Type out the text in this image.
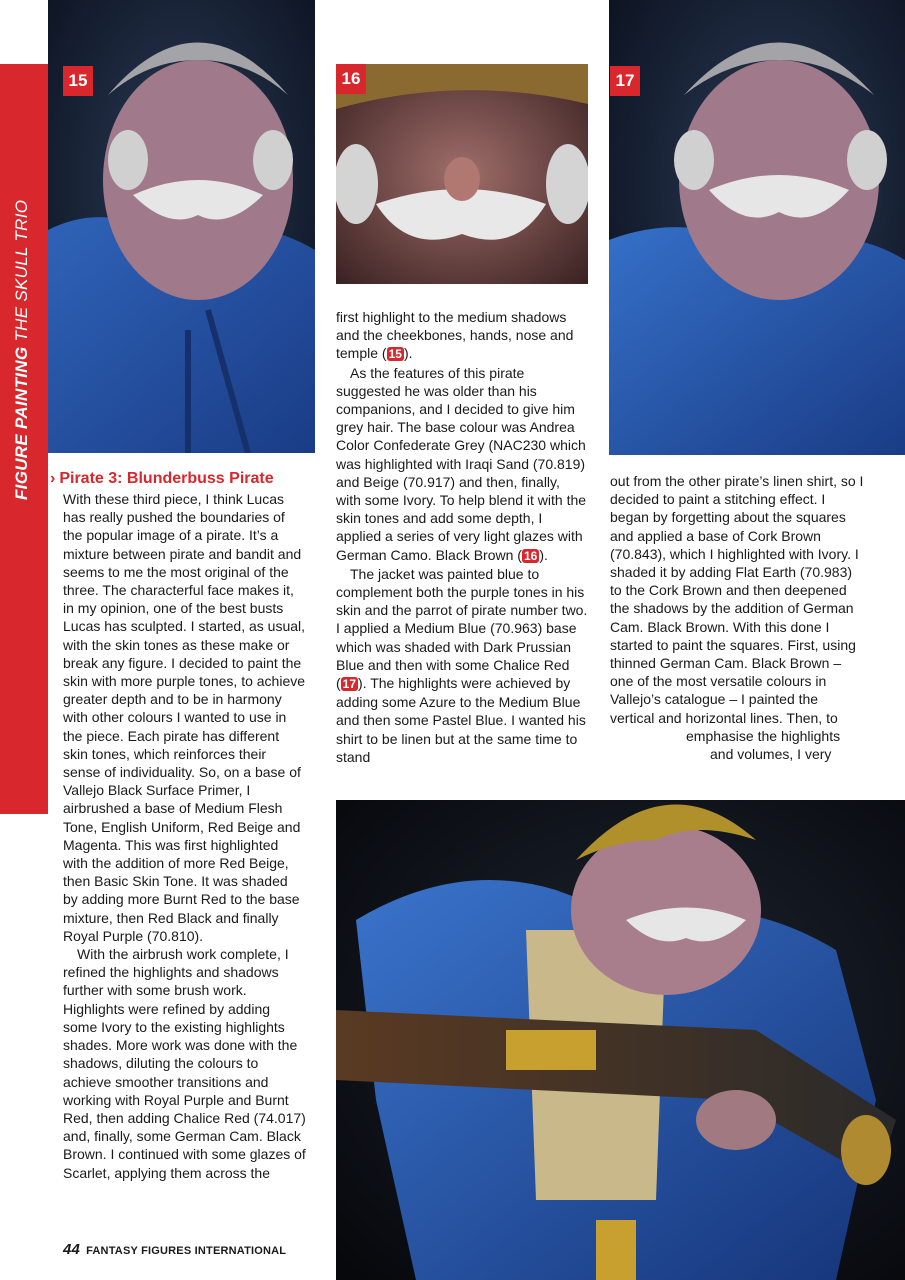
FIGURE PAINTING THE SKULL TRIO
15	16	17
› Pirate 3: Blunderbuss Pirate

With these third piece, I think Lucas has really pushed the boundaries of the popular image of a pirate. It’s a mixture between pirate and bandit and seems to me the most original of the three. The characterful face makes it, in my opinion, one of the best busts Lucas has sculpted. I started, as usual, with the skin tones as these make or break any figure. I decided to paint the skin with more purple tones, to achieve greater depth and to be in harmony with other colours I wanted to use in the piece. Each pirate has different skin tones, which reinforces their sense of individuality. So, on a base of Vallejo Black Surface Primer, I airbrushed a base of Medium Flesh Tone, English Uniform, Red Beige and Magenta. This was first highlighted with the addition of more Red Beige, then Basic Skin Tone. It was shaded by adding more Burnt Red to the base mixture, then Red Black and finally Royal Purple (70.810).

With the airbrush work complete, I refined the highlights and shadows further with some brush work. Highlights were refined by adding some Ivory to the existing highlights shades. More work was done with the shadows, diluting the colours to achieve smoother transitions and working with Royal Purple and Burnt Red, then adding Chalice Red (74.017) and, finally, some German Cam. Black Brown. I continued with some glazes of Scarlet, applying them across the

first highlight to the medium shadows and the cheekbones, hands, nose and temple ( 15 ).

As the features of this pirate suggested he was older than his companions, and I decided to give him grey hair. The base colour was Andrea Color Confederate Grey (NAC230 which was highlighted with Iraqi Sand (70.819) and Beige (70.917) and then, finally, with some Ivory. To help blend it with the skin tones and add some depth, I applied a series of very light glazes with German Camo. Black Brown ( 16 ).

The jacket was painted blue to complement both the purple tones in his skin and the parrot of pirate number two. I applied a Medium Blue (70.963) base which was shaded with Dark Prussian Blue and then with some Chalice Red ( 17 ). The highlights were achieved by adding some Azure to the Medium Blue and then some Pastel Blue. I wanted his shirt to be linen but at the same time to stand

out from the other pirate’s linen shirt, so I decided to paint a stitching effect. I began by forgetting about the squares and applied a base of Cork Brown (70.843), which I highlighted with Ivory. I shaded it by adding Flat Earth (70.983) to the Cork Brown and then deepened the shadows by the addition of German Cam. Black Brown. With this done I started to paint the squares. First, using thinned German Cam. Black Brown – one of the most versatile colours in Vallejo’s catalogue – I painted the vertical and horizontal lines. Then, to

emphasise the highlights

and volumes, I very

44 FANTASY FIGURES INTERNATIONAL
